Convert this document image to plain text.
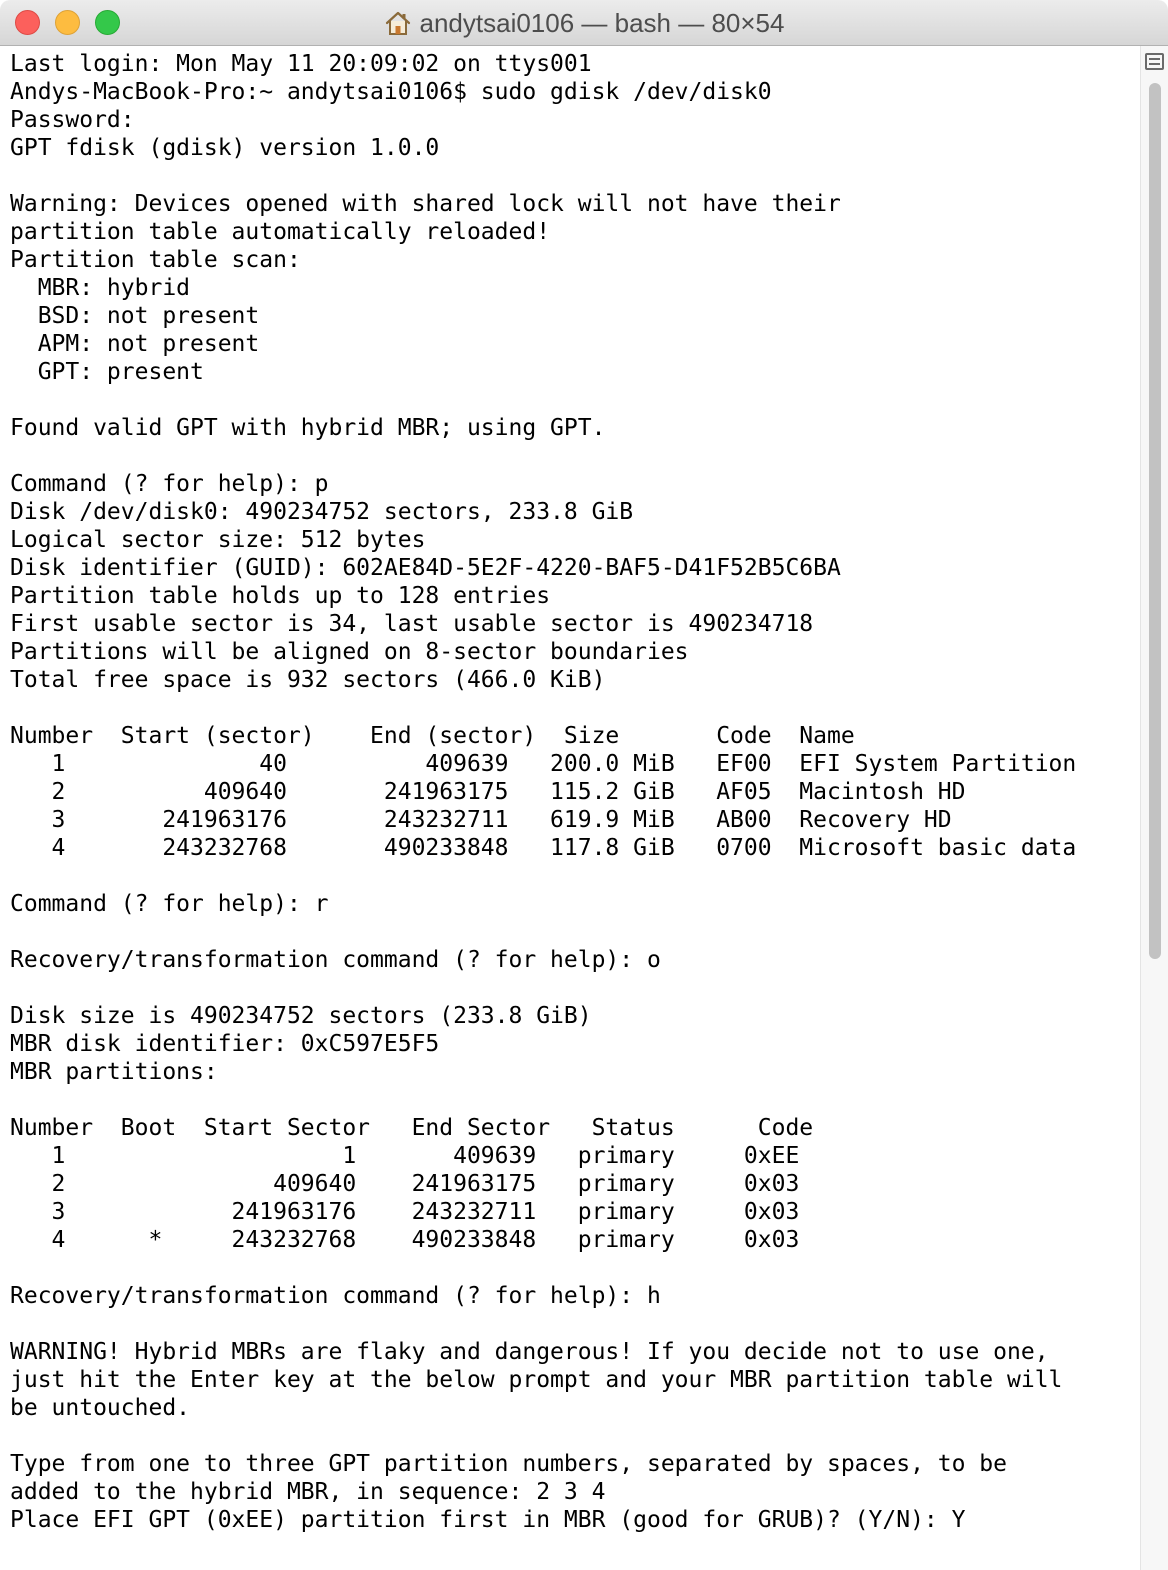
andytsai0106 — bash — 80×54
Last login: Mon May 11 20:09:02 on ttys001
Andys-MacBook-Pro:~ andytsai0106$ sudo gdisk /dev/disk0
Password:
GPT fdisk (gdisk) version 1.0.0

Warning: Devices opened with shared lock will not have their
partition table automatically reloaded!
Partition table scan:
MBR: hybrid
BSD: not present
APM: not present
GPT: present

Found valid GPT with hybrid MBR; using GPT.

Command (? for help): p
Disk /dev/disk0: 490234752 sectors, 233.8 GiB
Logical sector size: 512 bytes
Disk identifier (GUID): 602AE84D-5E2F-4220-BAF5-D41F52B5C6BA
Partition table holds up to 128 entries
First usable sector is 34, last usable sector is 490234718
Partitions will be aligned on 8-sector boundaries
Total free space is 932 sectors (466.0 KiB)

Number  Start (sector)    End (sector)  Size       Code  Name
1              40          409639   200.0 MiB   EF00  EFI System Partition
2          409640       241963175   115.2 GiB   AF05  Macintosh HD
3       241963176       243232711   619.9 MiB   AB00  Recovery HD
4       243232768       490233848   117.8 GiB   0700  Microsoft basic data

Command (? for help): r

Recovery/transformation command (? for help): o

Disk size is 490234752 sectors (233.8 GiB)
MBR disk identifier: 0xC597E5F5
MBR partitions:

Number  Boot  Start Sector   End Sector   Status      Code
1                    1       409639   primary     0xEE
2               409640    241963175   primary     0x03
3            241963176    243232711   primary     0x03
4      *     243232768    490233848   primary     0x03

Recovery/transformation command (? for help): h

WARNING! Hybrid MBRs are flaky and dangerous! If you decide not to use one,
just hit the Enter key at the below prompt and your MBR partition table will
be untouched.

Type from one to three GPT partition numbers, separated by spaces, to be
added to the hybrid MBR, in sequence: 2 3 4
Place EFI GPT (0xEE) partition first in MBR (good for GRUB)? (Y/N): Y
